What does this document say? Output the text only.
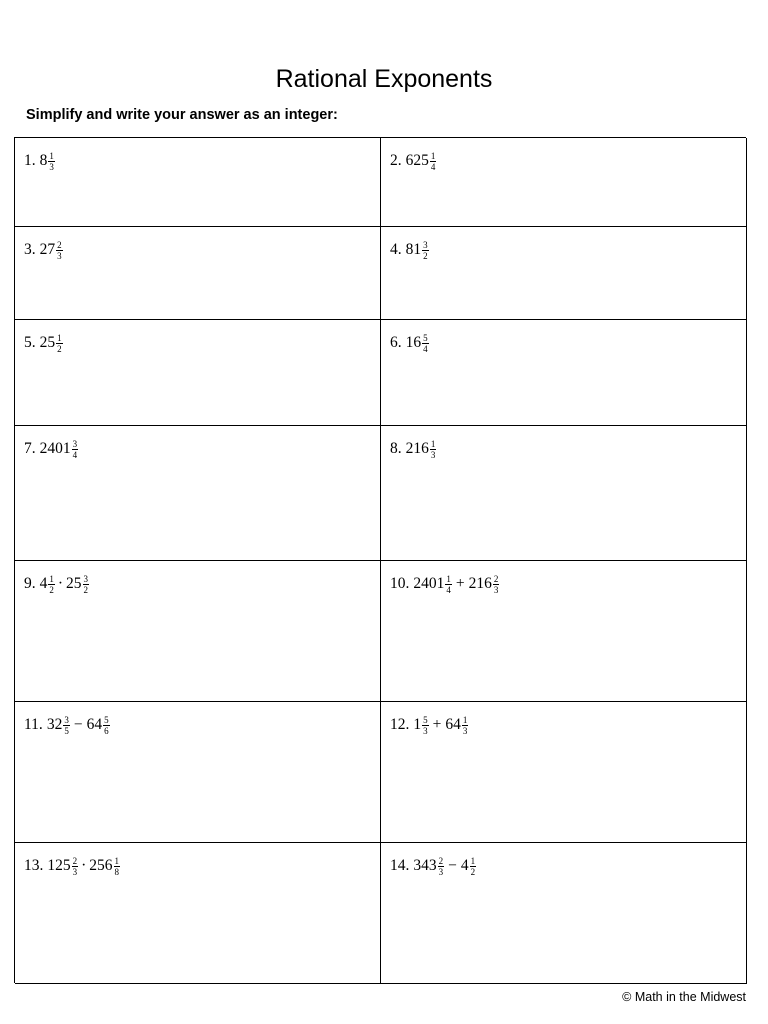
Rational Exponents
Simplify and write your answer as an integer:
1. $8 \frac{1}{3}$	2. $625 \frac{1}{4}$
3. $27 \frac{2}{3}$	4. $81 \frac{3}{2}$
5. $25 \frac{1}{2}$	6. $16 \frac{5}{4}$
7. $2401 \frac{3}{4}$	8. $216 \frac{1}{3}$
9. $4 \frac{1}{2} \cdot 25 \frac{3}{2}$	10. $2401 \frac{1}{4} + 216 \frac{2}{3}$
11. $32 \frac{3}{5} - 64 \frac{5}{6}$	12. $1 \frac{5}{3} + 64 \frac{1}{3}$
13. $125 \frac{2}{3} \cdot 256 \frac{1}{8}$	14. $343 \frac{2}{3} - 4 \frac{1}{2}$
© Math in the Midwest
